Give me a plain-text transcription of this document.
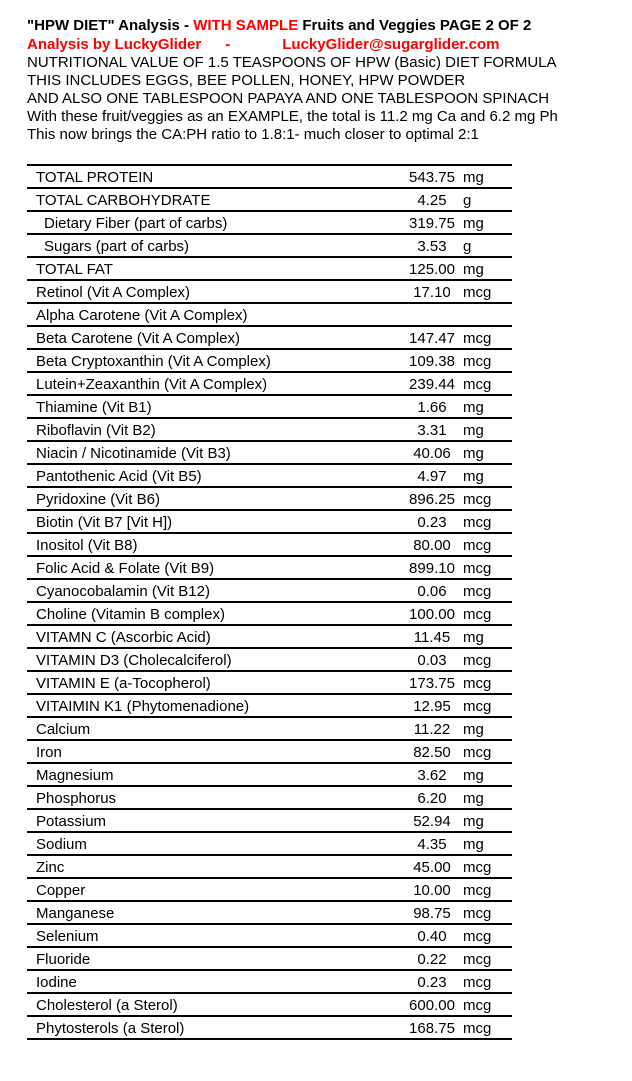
"HPW DIET" Analysis - WITH SAMPLE Fruits and Veggies PAGE 2 OF 2
Analysis by LuckyGlider -	LuckyGlider@sugarglider.com
NUTRITIONAL VALUE OF 1.5 TEASPOONS OF HPW (Basic) DIET FORMULA
THIS INCLUDES EGGS, BEE POLLEN, HONEY, HPW POWDER
AND ALSO ONE TABLESPOON PAPAYA AND ONE TABLESPOON SPINACH
With these fruit/veggies as an EXAMPLE, the total is 11.2 mg Ca and 6.2 mg Ph
This now brings the CA:PH ratio to 1.8:1- much closer to optimal 2:1
TOTAL PROTEIN	543.75 mg
TOTAL CARBOHYDRATE	4.25	g
Dietary Fiber (part of carbs)	319.75 mg
Sugars (part of carbs)	3.53	g
TOTAL FAT	125.00 mg
Retinol (Vit A Complex)	17.10 mcg
Alpha Carotene (Vit A Complex)
Beta Carotene (Vit A Complex)	147.47 mcg
Beta Cryptoxanthin (Vit A Complex)	109.38 mcg
Lutein+Zeaxanthin (Vit A Complex)	239.44 mcg
Thiamine (Vit B1)	1.66	mg
Riboflavin (Vit B2)	3.31	mg
Niacin / Nicotinamide (Vit B3)	40.06 mg
Pantothenic Acid (Vit B5)	4.97	mg
Pyridoxine (Vit B6)	896.25 mcg
Biotin (Vit B7 [Vit H])	0.23	mcg
Inositol (Vit B8)	80.00 mcg
Folic Acid & Folate (Vit B9)	899.10 mcg
Cyanocobalamin (Vit B12)	0.06	mcg
Choline (Vitamin B complex)	100.00 mcg
VITAMN C (Ascorbic Acid)	11.45 mg
VITAMIN D3 (Cholecalciferol)	0.03	mcg
VITAMIN E (a-Tocopherol)	173.75 mcg
VITAIMIN K1 (Phytomenadione)	12.95 mcg
Calcium	11.22 mg
Iron	82.50 mcg
Magnesium	3.62	mg
Phosphorus	6.20	mg
Potassium	52.94 mg
Sodium	4.35	mg
Zinc	45.00 mcg
Copper	10.00 mcg
Manganese	98.75 mcg
Selenium	0.40	mcg
Fluoride	0.22	mcg
Iodine	0.23	mcg
Cholesterol (a Sterol)	600.00 mcg
Phytosterols (a Sterol)	168.75 mcg
